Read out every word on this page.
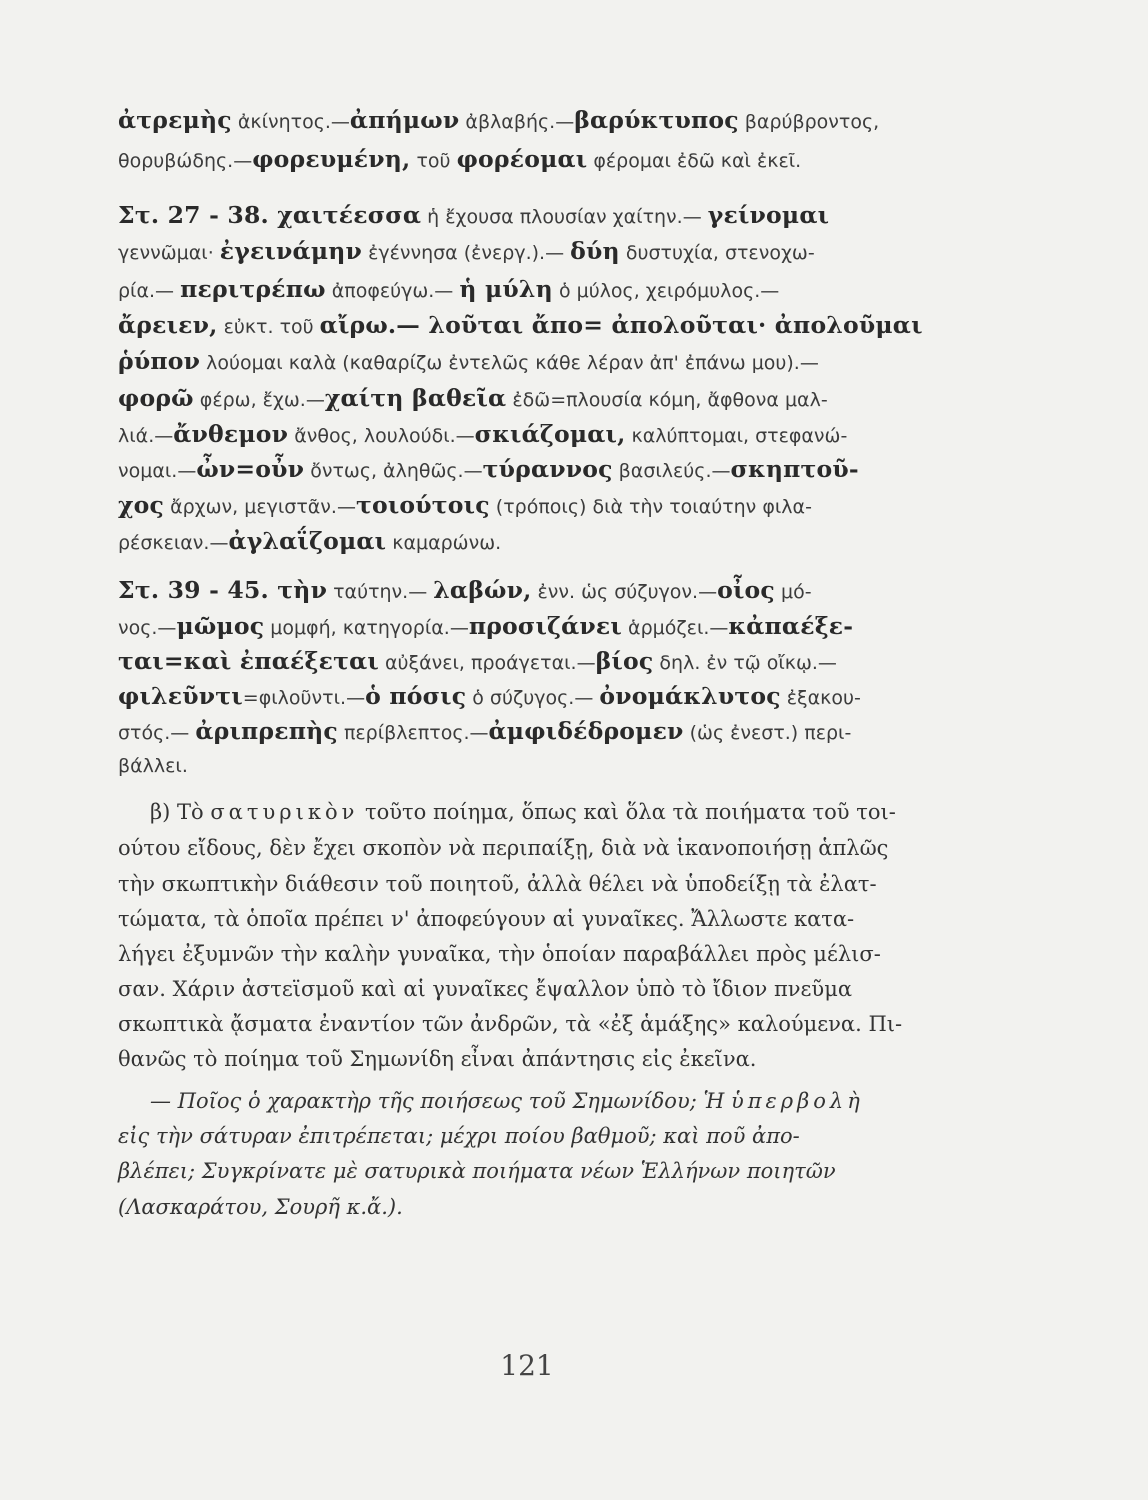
ἀτρεμὴς ἀκίνητος.—ἀπήμων ἀβλαβής.—βαρύκτυπος βαρύβροντος,
θορυβώδης.—φορευμένη, τοῦ φορέομαι φέρομαι ἐδῶ καὶ ἐκεῖ.
Στ. 27 - 38. χαιτέεσσα ἡ ἔχουσα πλουσίαν χαίτην.— γείνομαι
γεννῶμαι· ἐγεινάμην ἐγέννησα (ἐνεργ.).— δύη δυστυχία, στενοχω-
ρία.— περιτρέπω ἀποφεύγω.— ἡ μύλη ὁ μύλος, χειρόμυλος.—
ἄρειεν, εὐκτ. τοῦ αἴρω.— λοῦται ἄπο= ἀπολοῦται· ἀπολοῦμαι
ῥύπον λούομαι καλὰ (καθαρίζω ἐντελῶς κάθε λέραν ἀπ' ἐπάνω μου).—
φορῶ φέρω, ἔχω.—χαίτη βαθεῖα ἐδῶ=πλουσία κόμη, ἄφθονα μαλ-
λιά.—ἄνθεμον ἄνθος, λουλούδι.—σκιάζομαι, καλύπτομαι, στεφανώ-
νομαι.—ὦν=οὖν ὄντως, ἀληθῶς.—τύραννος βασιλεύς.—σκηπτοῦ-
χος ἄρχων, μεγιστᾶν.—τοιούτοις (τρόποις) διὰ τὴν τοιαύτην φιλα-
ρέσκειαν.—ἀγλαΐζομαι καμαρώνω.
Στ. 39 - 45. τὴν ταύτην.— λαβών, ἐνν. ὡς σύζυγον.—οἶος μό-
νος.—μῶμος μομφή, κατηγορία.—προσιζάνει ἁρμόζει.—κἀπαέξε-
ται=καὶ ἐπαέξεται αὐξάνει, προάγεται.—βίος δηλ. ἐν τῷ οἴκῳ.—
φιλεῦντι=φιλοῦντι.—ὁ πόσις ὁ σύζυγος.— ὀνομάκλυτος ἐξακου-
στός.— ἀριπρεπὴς περίβλεπτος.—ἀμφιδέδρομεν (ὡς ἐνεστ.) περι-
βάλλει.
β) Τὸ σατυρικὸν τοῦτο ποίημα, ὅπως καὶ ὅλα τὰ ποιήματα τοῦ τοι-
ούτου εἴδους, δὲν ἔχει σκοπὸν νὰ περιπαίξῃ, διὰ νὰ ἱκανοποιήσῃ ἁπλῶς
τὴν σκωπτικὴν διάθεσιν τοῦ ποιητοῦ, ἀλλὰ θέλει νὰ ὑποδείξῃ τὰ ἐλατ-
τώματα, τὰ ὁποῖα πρέπει ν' ἀποφεύγουν αἱ γυναῖκες. Ἄλλωστε κατα-
λήγει ἐξυμνῶν τὴν καλὴν γυναῖκα, τὴν ὁποίαν παραβάλλει πρὸς μέλισ-
σαν. Χάριν ἀστεϊσμοῦ καὶ αἱ γυναῖκες ἔψαλλον ὑπὸ τὸ ἴδιον πνεῦμα
σκωπτικὰ ᾄσματα ἐναντίον τῶν ἀνδρῶν, τὰ «ἐξ ἁμάξης» καλούμενα. Πι-
θανῶς τὸ ποίημα τοῦ Σημωνίδη εἶναι ἀπάντησις εἰς ἐκεῖνα.
— Ποῖος ὁ χαρακτὴρ τῆς ποιήσεως τοῦ Σημωνίδου; Ἡ ὑπερβολὴ
εἰς τὴν σάτυραν ἐπιτρέπεται; μέχρι ποίου βαθμοῦ; καὶ ποῦ ἀπο-
βλέπει; Συγκρίνατε μὲ σατυρικὰ ποιήματα νέων Ἑλλήνων ποιητῶν
(Λασκαράτου, Σουρῆ κ.ἄ.).
121
